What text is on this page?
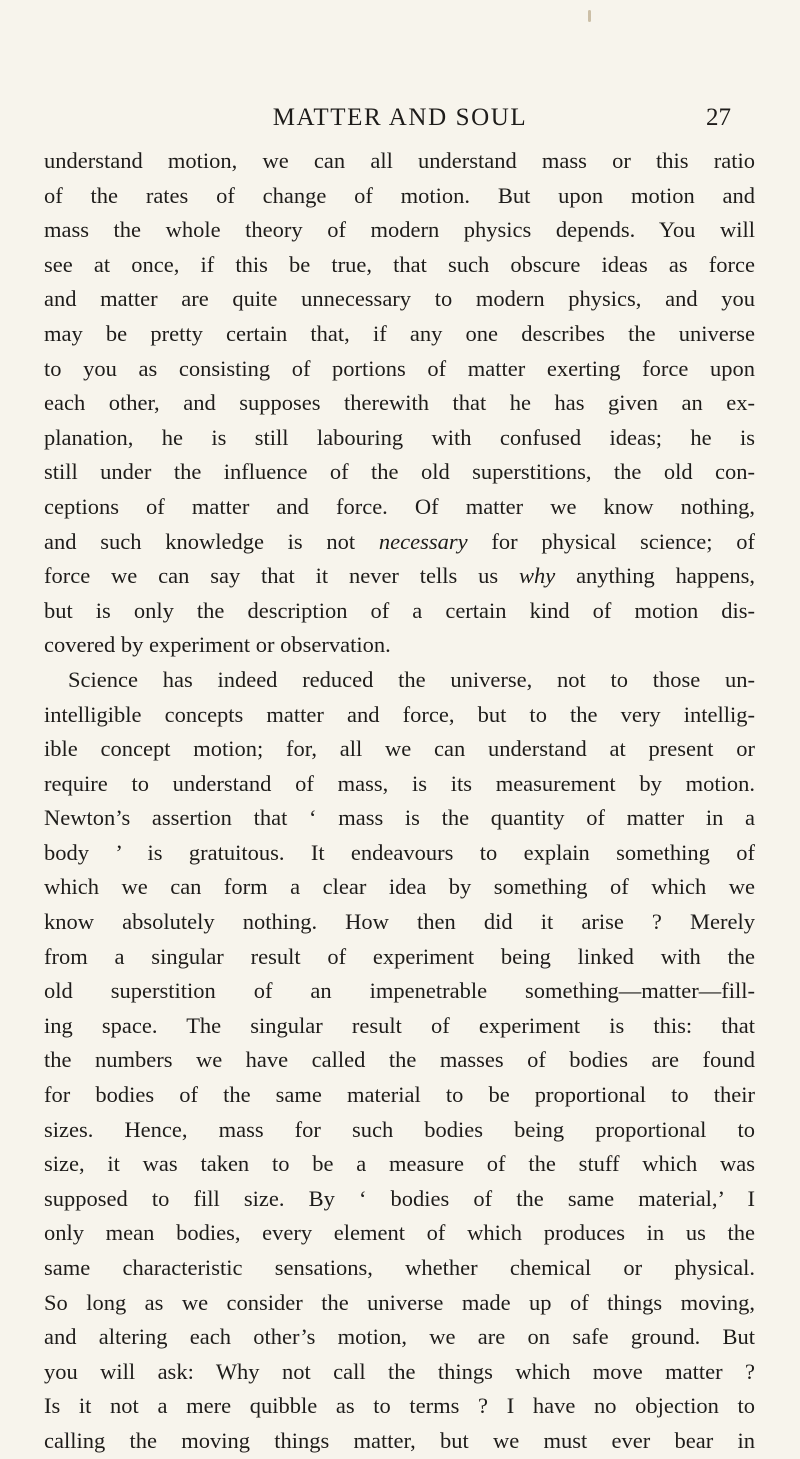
MATTER AND SOUL	27
understand motion, we can all understand mass or this ratio
of the rates of change of motion. But upon motion and
mass the whole theory of modern physics depends. You will
see at once, if this be true, that such obscure ideas as force
and matter are quite unnecessary to modern physics, and you
may be pretty certain that, if any one describes the universe
to you as consisting of portions of matter exerting force upon
each other, and supposes therewith that he has given an ex-
planation, he is still labouring with confused ideas; he is
still under the influence of the old superstitions, the old con-
ceptions of matter and force. Of matter we know nothing,
and such knowledge is not necessary for physical science; of
force we can say that it never tells us why anything happens,
but is only the description of a certain kind of motion dis-
covered by experiment or observation.
Science has indeed reduced the universe, not to those un-
intelligible concepts matter and force, but to the very intellig-
ible concept motion; for, all we can understand at present or
require to understand of mass, is its measurement by motion.
Newton’s assertion that ‘ mass is the quantity of matter in a
body ’ is gratuitous. It endeavours to explain something of
which we can form a clear idea by something of which we
know absolutely nothing. How then did it arise ? Merely
from a singular result of experiment being linked with the
old superstition of an impenetrable something—matter—fill-
ing space. The singular result of experiment is this: that
the numbers we have called the masses of bodies are found
for bodies of the same material to be proportional to their
sizes. Hence, mass for such bodies being proportional to
size, it was taken to be a measure of the stuff which was
supposed to fill size. By ‘ bodies of the same material,’ I
only mean bodies, every element of which produces in us the
same characteristic sensations, whether chemical or physical.
So long as we consider the universe made up of things moving,
and altering each other’s motion, we are on safe ground. But
you will ask: Why not call the things which move matter ?
Is it not a mere quibble as to terms ? I have no objection to
calling the moving things matter, but we must ever bear in
